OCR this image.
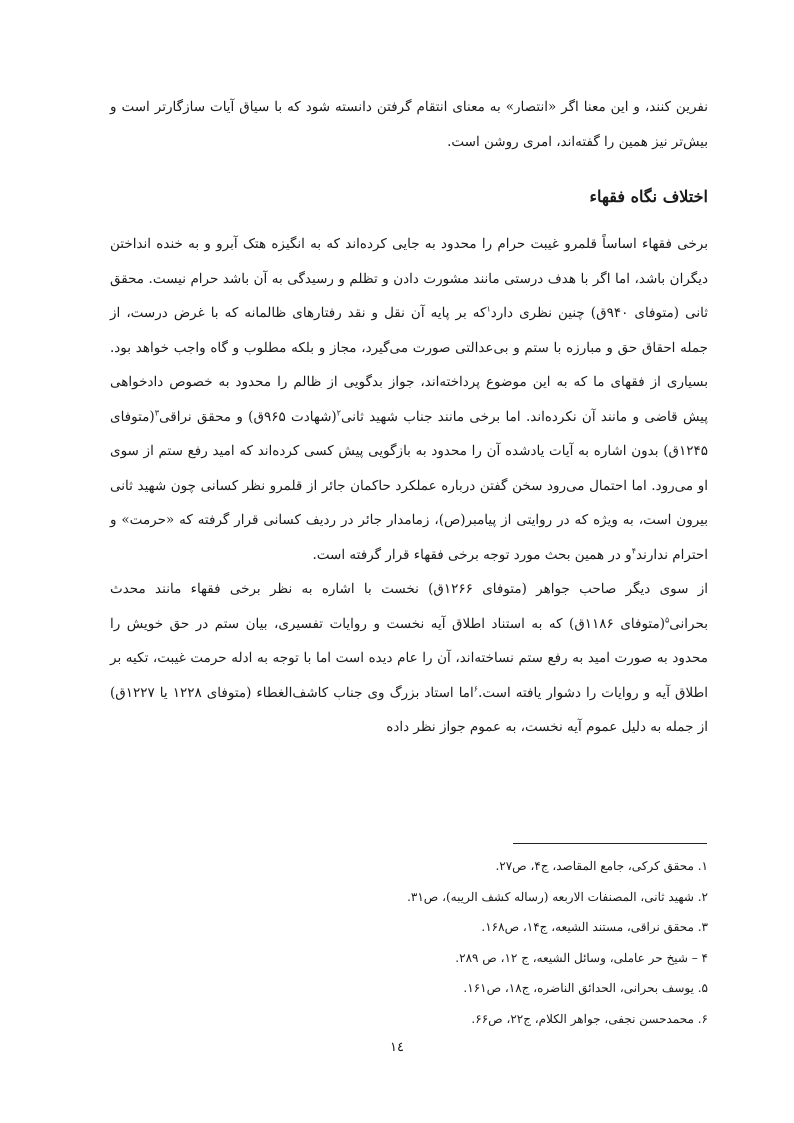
نفرین کنند، و این معنا اگر «انتصار» به معنای انتقام گرفتن دانسته شود که با سیاق آیات سازگارتر است و بیش‌تر نیز همین را گفته‌اند، امری روشن است.

اختلاف نگاه فقهاء

برخی فقهاء اساساً قلمرو غیبت حرام را محدود به جایی کرده‌اند که به انگیزه هتک آبرو و به خنده انداختن دیگران باشد، اما اگر با هدف درستی مانند مشورت دادن و تظلم و رسیدگی به آن باشد حرام نیست. محقق ثانی (متوفای ۹۴۰ق) چنین نظری دارد$^۱$که بر پایه آن نقل و نقد رفتارهای ظالمانه که با غرض درست، از جمله احقاق حق و مبارزه با ستم و بی‌عدالتی صورت می‌گیرد، مجاز و بلکه مطلوب و گاه واجب خواهد بود. بسیاری از فقهای ما که به این موضوع پرداخته‌اند، جواز بدگویی از ظالم را محدود به خصوص دادخواهی پیش قاضی و مانند آن نکرده‌اند. اما برخی مانند جناب شهید ثانی$^۲$(شهادت ۹۶۵ق) و محقق نراقی$^۳$(متوفای ۱۲۴۵ق) بدون اشاره به آیات یادشده آن را محدود به بازگویی پیش کسی کرده‌اند که امید رفع ستم از سوی او می‌رود. اما احتمال می‌رود سخن گفتن درباره عملکرد حاکمان جائر از قلمرو نظر کسانی چون شهید ثانی بیرون است، به ویژه که در روایتی از پیامبر(ص)، زمامدار جائر در ردیف کسانی قرار گرفته که «حرمت» و احترام ندارند$^۴$و در همین بحث مورد توجه برخی فقهاء قرار گرفته است.

از سوی دیگر صاحب جواهر (متوفای ۱۲۶۶ق) نخست با اشاره به نظر برخی فقهاء مانند محدث بحرانی$^۵$(متوفای ۱۱۸۶ق) که به استناد اطلاق آیه نخست و روایات تفسیری، بیان ستم در حق خویش را محدود به صورت امید به رفع ستم نساخته‌اند، آن را عام دیده است اما با توجه به ادله حرمت غیبت، تکیه بر اطلاق آیه و روایات را دشوار یافته است.$^۶$اما استاد بزرگ وی جناب کاشف‌الغطاء (متوفای ۱۲۲۸ یا ۱۲۲۷ق) از جمله به دلیل عموم آیه نخست، به عموم جواز نظر داده

۱. محقق کرکی، جامع المقاصد، ج۴، ص۲۷.
۲. شهید ثانی، المصنفات الاربعه (رساله کشف الریبه)، ص۳۱.
۳. محقق نراقی، مستند الشیعه، ج۱۴، ص۱۶۸.
۴ – شیخ حر عاملی، وسائل الشیعه، ج ۱۲، ص ۲۸۹.
۵. یوسف بحرانی، الحدائق الناضره، ج۱۸، ص۱۶۱.
۶. محمدحسن نجفی، جواهر الکلام، ج۲۲، ص۶۶.
۱٤
